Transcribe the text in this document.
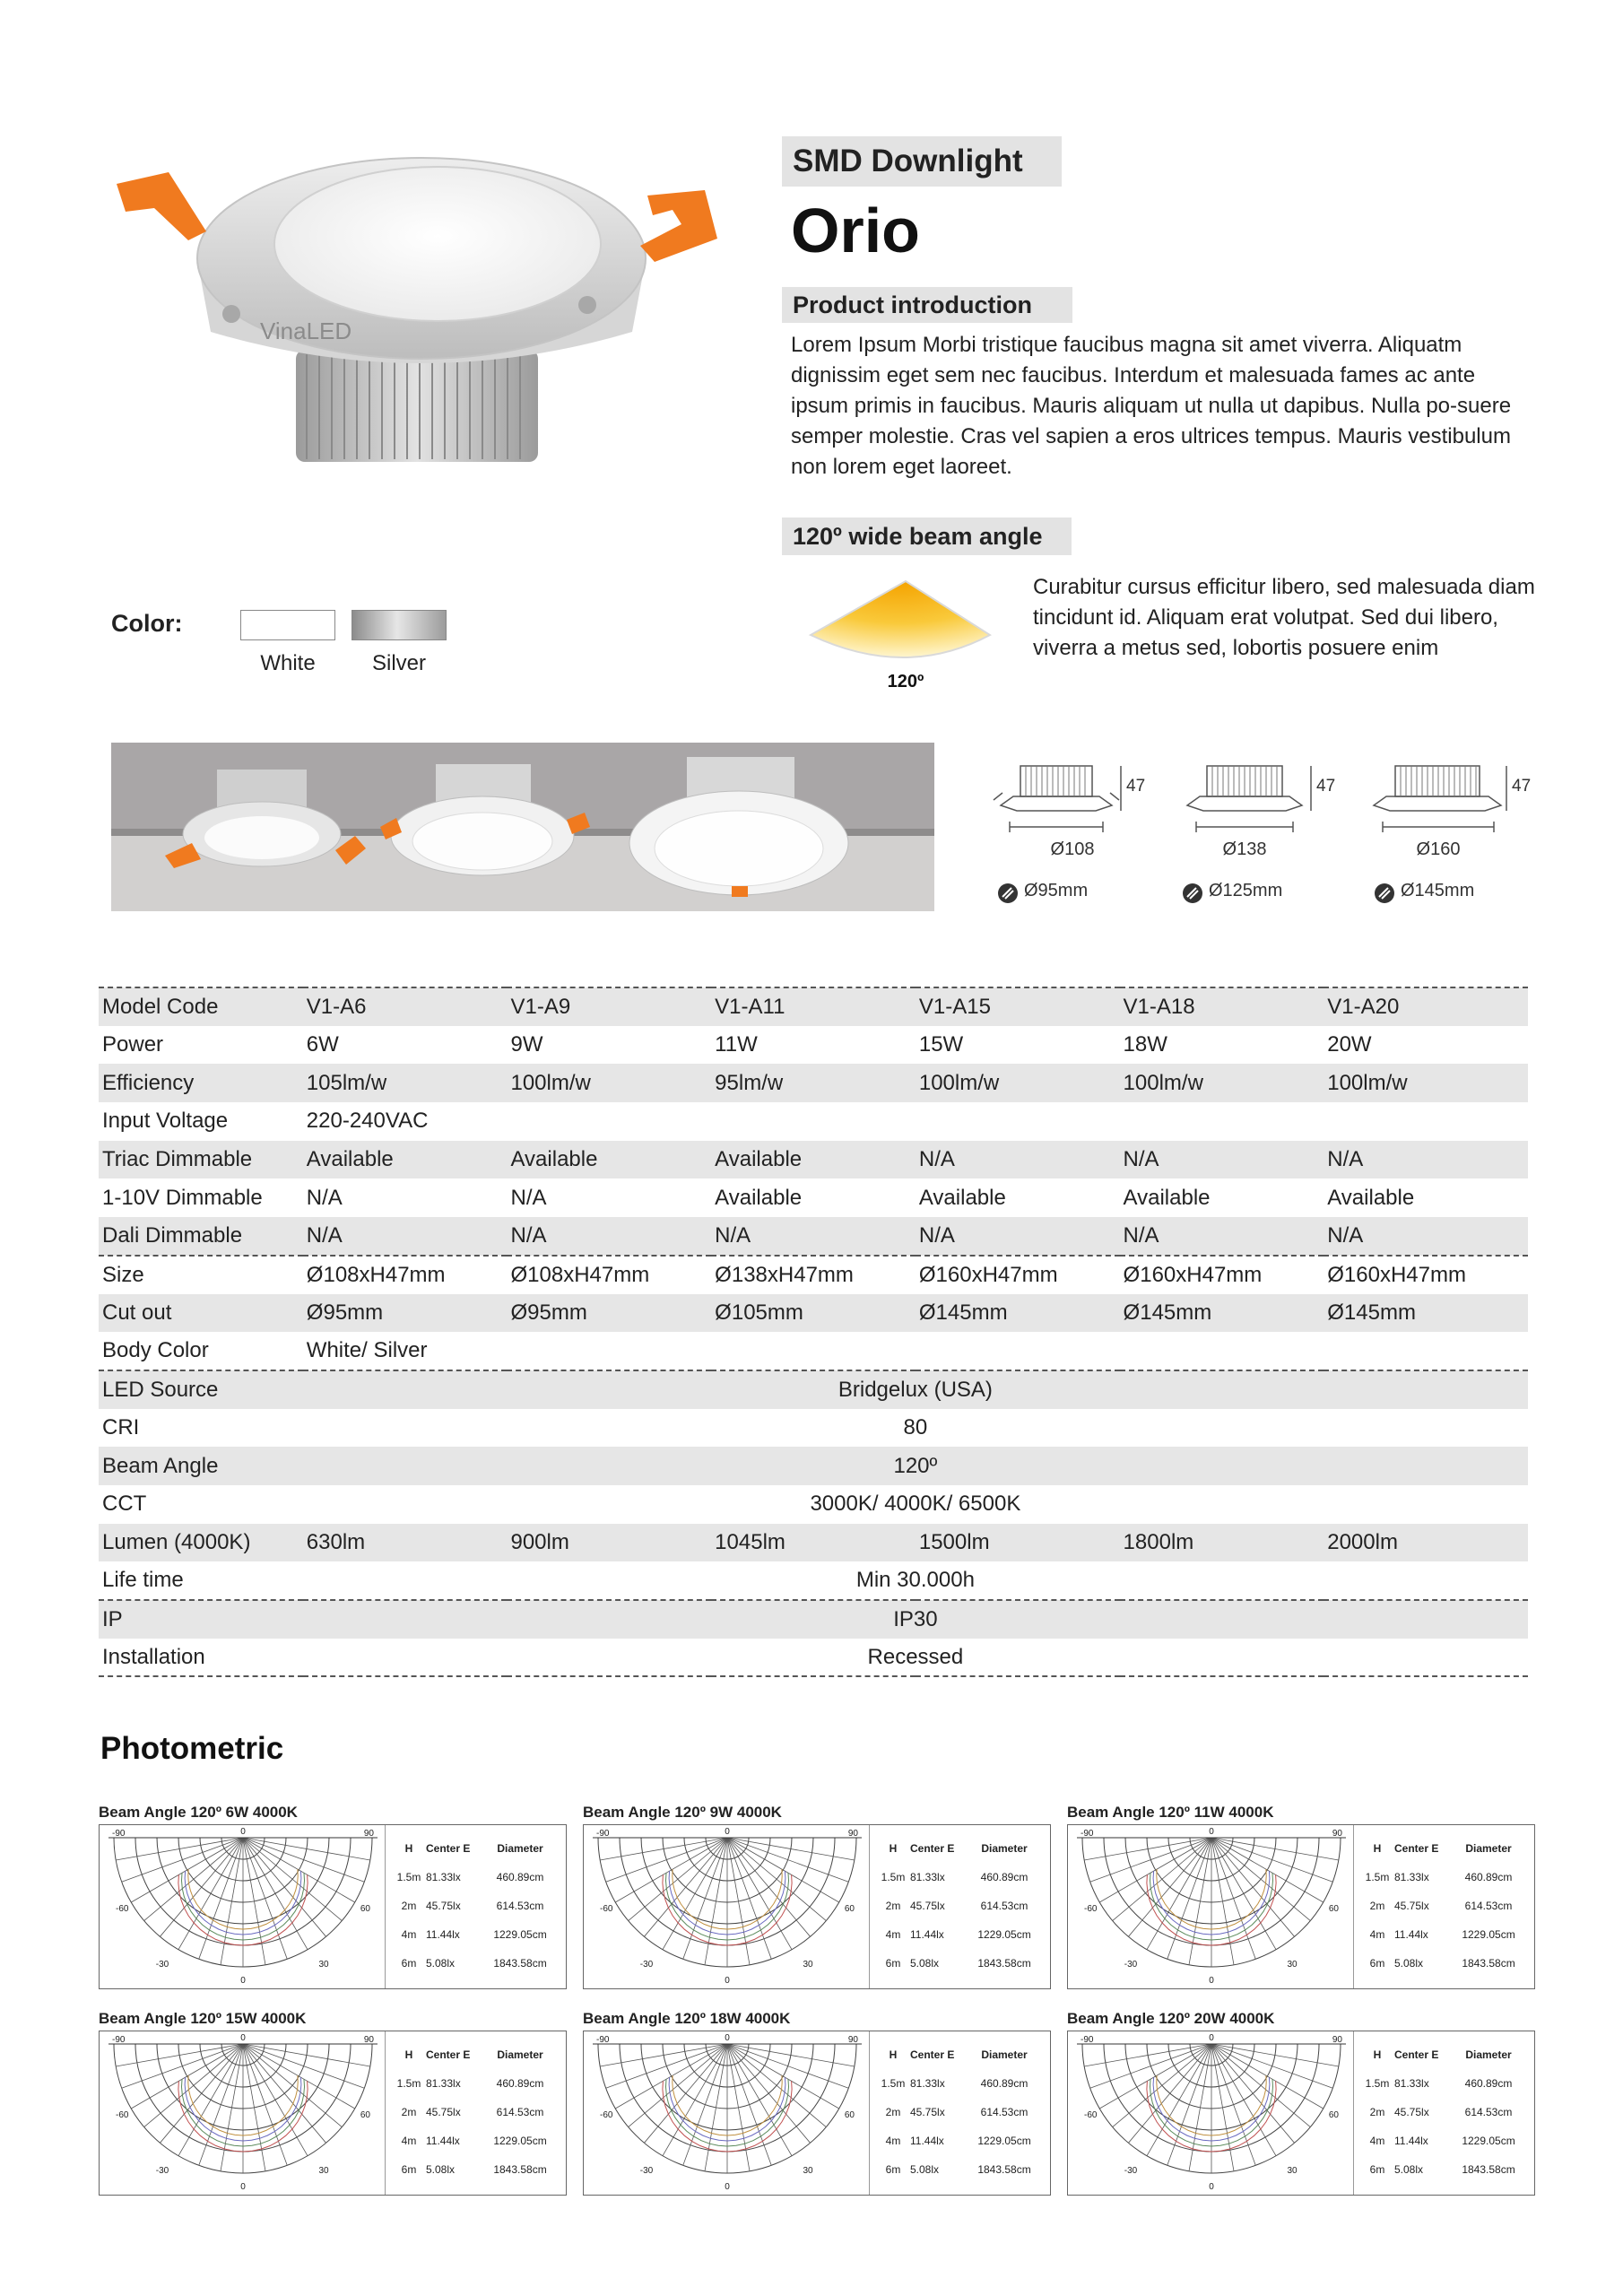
SMD Downlight
Orio
Product introduction
Lorem Ipsum Morbi tristique faucibus magna sit amet viverra. Aliquatm dignissim eget sem nec faucibus. Interdum et malesuada fames ac ante ipsum primis in faucibus. Mauris aliquam ut nulla ut dapibus. Nulla po-suere semper molestie. Cras vel sapien a eros ultrices tempus. Mauris vestibulum non lorem eget laoreet.
120º wide beam angle
Curabitur cursus efficitur libero, sed malesuada diam tincidunt id. Aliquam erat volutpat. Sed dui libero, viverra a metus sed, lobortis posuere enim
120º
VinaLED
Color:
White	Silver
47
Ø108
Ø95mm
47
Ø138
Ø125mm
47
Ø160
Ø145mm
Model Code	V1-A6	V1-A9	V1-A11	V1-A15	V1-A18	V1-A20
Power	6W	9W	11W	15W	18W	20W
Efficiency	105lm/w	100lm/w	95lm/w	100lm/w	100lm/w	100lm/w
Input Voltage	220-240VAC					
Triac Dimmable	Available	Available	Available	N/A	N/A	N/A
1-10V Dimmable	N/A	N/A	Available	Available	Available	Available
Dali Dimmable	N/A	N/A	N/A	N/A	N/A	N/A
Size	Ø108xH47mm	Ø108xH47mm	Ø138xH47mm	Ø160xH47mm	Ø160xH47mm	Ø160xH47mm
Cut out	Ø95mm	Ø95mm	Ø105mm	Ø145mm	Ø145mm	Ø145mm
Body Color	White/ Silver					
LED Source	Bridgelux (USA)					
CRI	80					
Beam Angle	120º					
CCT	3000K/ 4000K/ 6500K					
Lumen (4000K)	630lm	900lm	1045lm	1500lm	1800lm	2000lm
Life time	Min 30.000h					
IP	IP30					
Installation	Recessed					
Photometric
Beam Angle 120º 6W 4000K
-90	0	90
-60	60
-30	30
0
H	Center E	Diameter
1.5m 81.33lx	460.89cm
2m 45.75lx	614.53cm
4m 11.44lx	1229.05cm
6m 5.08lx	1843.58cm
Beam Angle 120º 9W 4000K
-90	0	90
-60	60
-30	30
0
H	Center E	Diameter
1.5m 81.33lx	460.89cm
2m 45.75lx	614.53cm
4m 11.44lx	1229.05cm
6m 5.08lx	1843.58cm
Beam Angle 120º 11W 4000K
-90	0	90
-60	60
-30	30
0
H	Center E	Diameter
1.5m 81.33lx	460.89cm
2m 45.75lx	614.53cm
4m 11.44lx	1229.05cm
6m 5.08lx	1843.58cm
Beam Angle 120º 15W 4000K
-90	0	90
-60	60
-30	30
0
H	Center E	Diameter
1.5m 81.33lx	460.89cm
2m 45.75lx	614.53cm
4m 11.44lx	1229.05cm
6m 5.08lx	1843.58cm
Beam Angle 120º 18W 4000K
-90	0	90
-60	60
-30	30
0
H	Center E	Diameter
1.5m 81.33lx	460.89cm
2m 45.75lx	614.53cm
4m 11.44lx	1229.05cm
6m 5.08lx	1843.58cm
Beam Angle 120º 20W 4000K
-90	0	90
-60	60
-30	30
0
H	Center E	Diameter
1.5m 81.33lx	460.89cm
2m 45.75lx	614.53cm
4m 11.44lx	1229.05cm
6m 5.08lx	1843.58cm
